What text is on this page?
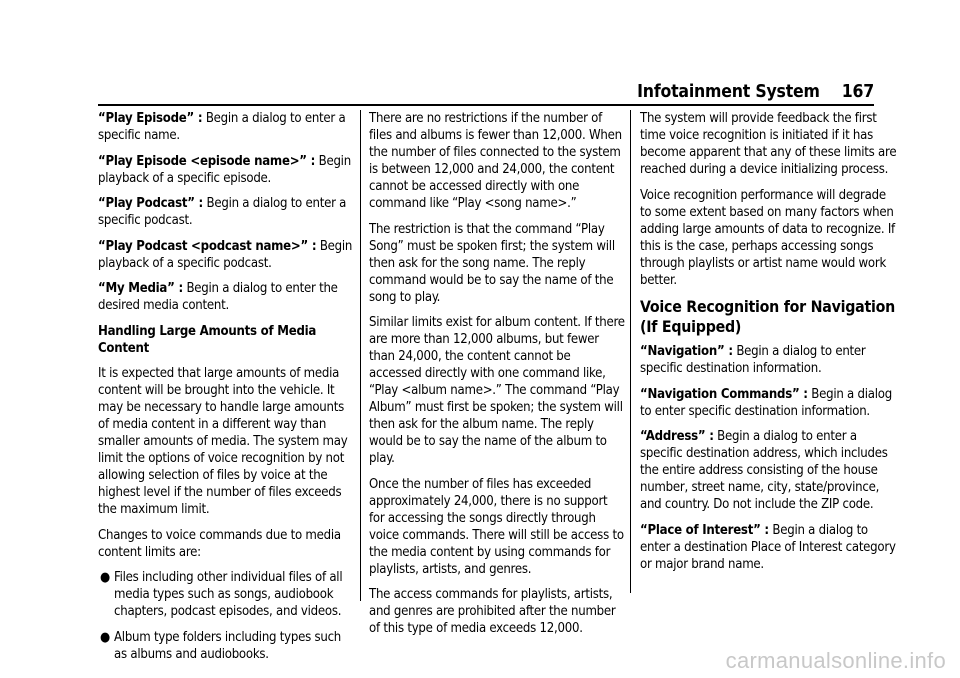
Infotainment System 167

“Play Episode” : Begin a dialog to enter a specific name.

“Play Episode <episode name>” : Begin playback of a specific episode.

“Play Podcast” : Begin a dialog to enter a specific podcast.

“Play Podcast <podcast name>” : Begin playback of a specific podcast.

“My Media” : Begin a dialog to enter the desired media content.

Handling Large Amounts of Media Content

It is expected that large amounts of media content will be brought into the vehicle. It may be necessary to handle large amounts of media content in a different way than smaller amounts of media. The system may limit the options of voice recognition by not allowing selection of files by voice at the highest level if the number of files exceeds the maximum limit.

Changes to voice commands due to media content limits are:

● Files including other individual files of all media types such as songs, audiobook chapters, podcast episodes, and videos.
● Album type folders including types such as albums and audiobooks.

There are no restrictions if the number of files and albums is fewer than 12,000. When the number of files connected to the system is between 12,000 and 24,000, the content cannot be accessed directly with one command like “Play <song name>.”

The restriction is that the command “Play Song” must be spoken first; the system will then ask for the song name. The reply command would be to say the name of the song to play.

Similar limits exist for album content. If there are more than 12,000 albums, but fewer than 24,000, the content cannot be accessed directly with one command like, “Play <album name>.” The command “Play Album” must first be spoken; the system will then ask for the album name. The reply would be to say the name of the album to play.

Once the number of files has exceeded approximately 24,000, there is no support for accessing the songs directly through voice commands. There will still be access to the media content by using commands for playlists, artists, and genres.

The access commands for playlists, artists, and genres are prohibited after the number of this type of media exceeds 12,000.

The system will provide feedback the first time voice recognition is initiated if it has become apparent that any of these limits are reached during a device initializing process.

Voice recognition performance will degrade to some extent based on many factors when adding large amounts of data to recognize. If this is the case, perhaps accessing songs through playlists or artist name would work better.

Voice Recognition for Navigation (If Equipped)

“Navigation” : Begin a dialog to enter specific destination information.

“Navigation Commands” : Begin a dialog to enter specific destination information.

“Address” : Begin a dialog to enter a specific destination address, which includes the entire address consisting of the house number, street name, city, state/province, and country. Do not include the ZIP code.

“Place of Interest” : Begin a dialog to enter a destination Place of Interest category or major brand name.

carmanualsonline.info
